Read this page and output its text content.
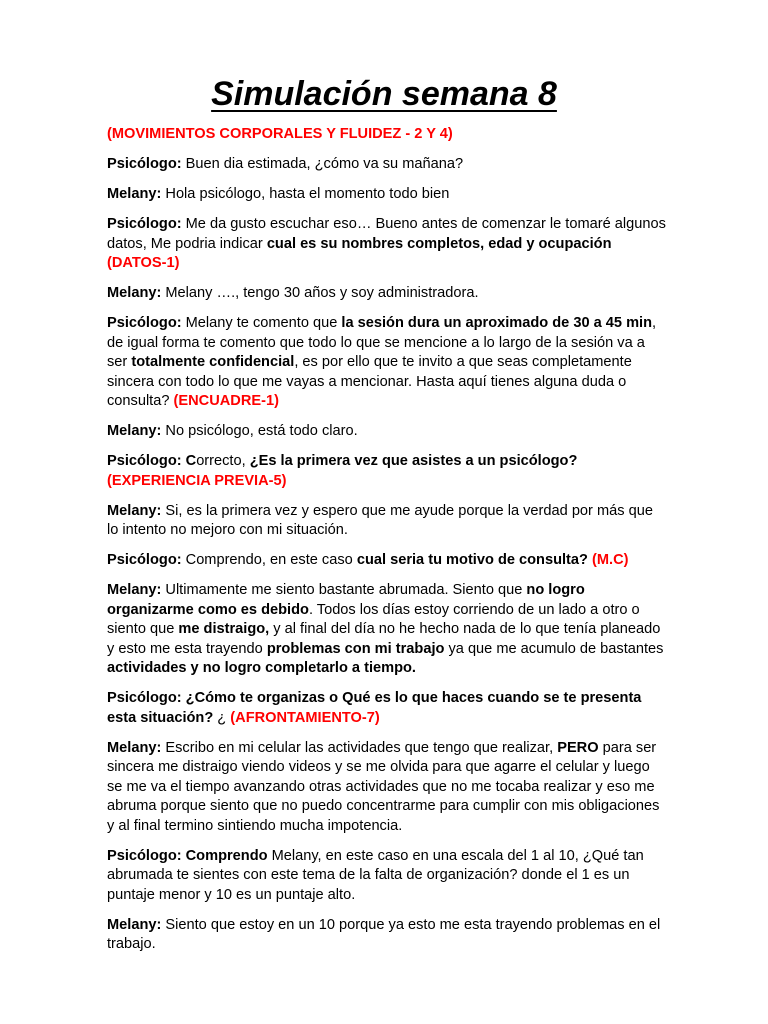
Simulación semana 8

(MOVIMIENTOS CORPORALES Y FLUIDEZ - 2 Y 4)

Psicólogo: Buen dia estimada, ¿cómo va su mañana?

Melany: Hola psicólogo, hasta el momento todo bien

Psicólogo: Me da gusto escuchar eso… Bueno antes de comenzar le tomaré algunos datos, Me podria indicar cual es su nombres completos, edad y ocupación (DATOS-1)

Melany: Melany …., tengo 30 años y soy administradora.

Psicólogo: Melany te comento que la sesión dura un aproximado de 30 a 45 min, de igual forma te comento que todo lo que se mencione a lo largo de la sesión va a ser totalmente confidencial, es por ello que te invito a que seas completamente sincera con todo lo que me vayas a mencionar. Hasta aquí tienes alguna duda o consulta? (ENCUADRE-1)

Melany: No psicólogo, está todo claro.

Psicólogo: Correcto, ¿Es la primera vez que asistes a un psicólogo? (EXPERIENCIA PREVIA-5)

Melany: Si, es la primera vez y espero que me ayude porque la verdad por más que lo intento no mejoro con mi situación.

Psicólogo: Comprendo, en este caso cual seria tu motivo de consulta? (M.C)

Melany: Ultimamente me siento bastante abrumada. Siento que no logro organizarme como es debido. Todos los días estoy corriendo de un lado a otro o siento que me distraigo, y al final del día no he hecho nada de lo que tenía planeado y esto me esta trayendo problemas con mi trabajo ya que me acumulo de bastantes actividades y no logro completarlo a tiempo.

Psicólogo: ¿Cómo te organizas o Qué es lo que haces cuando se te presenta esta situación? ¿ (AFRONTAMIENTO-7)

Melany: Escribo en mi celular las actividades que tengo que realizar, PERO para ser sincera me distraigo viendo videos y se me olvida para que agarre el celular y luego se me va el tiempo avanzando otras actividades que no me tocaba realizar y eso me abruma porque siento que no puedo concentrarme para cumplir con mis obligaciones y al final termino sintiendo mucha impotencia.

Psicólogo: Comprendo Melany, en este caso en una escala del 1 al 10, ¿Qué tan abrumada te sientes con este tema de la falta de organización? donde el 1 es un puntaje menor y 10 es un puntaje alto.

Melany: Siento que estoy en un 10 porque ya esto me esta trayendo problemas en el trabajo.
